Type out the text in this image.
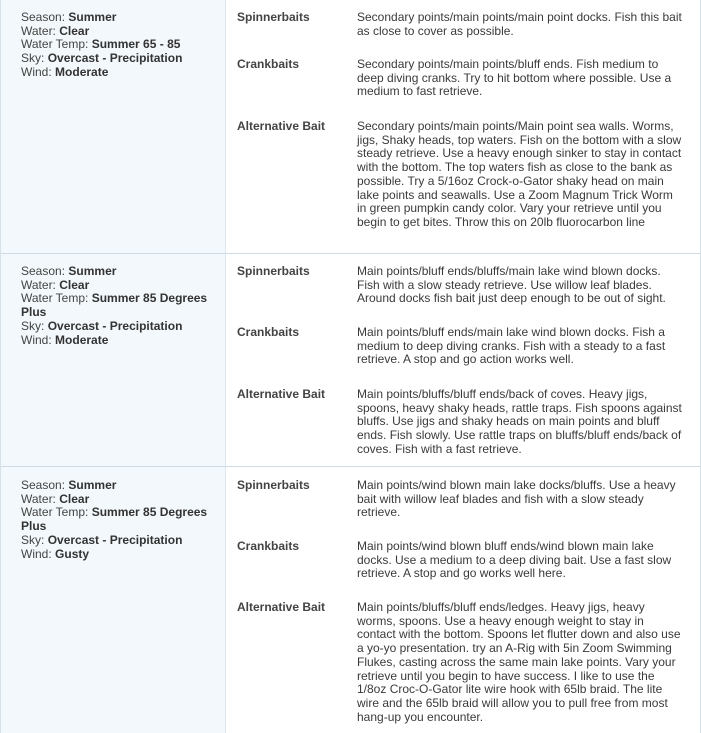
Season: Summer

Water: Clear

Water Temp: Summer 65 - 85

Sky: Overcast - Precipitation

Wind: Moderate

Spinnerbaits	Secondary points/main points/main point docks. Fish this bait as close to cover as possible.
Crankbaits	Secondary points/main points/bluff ends. Fish medium to deep diving cranks. Try to hit bottom where possible. Use a medium to fast retrieve.
Alternative Bait	Secondary points/main points/Main point sea walls. Worms, jigs, Shaky heads, top waters. Fish on the bottom with a slow steady retrieve. Use a heavy enough sinker to stay in contact with the bottom. The top waters fish as close to the bank as possible. Try a 5/16oz Crock-o-Gator shaky head on main lake points and seawalls. Use a Zoom Magnum Trick Worm in green pumpkin candy color. Vary your retrieve until you begin to get bites. Throw this on 20lb fluorocarbon line

Season: Summer

Water: Clear

Water Temp: Summer 85 Degrees Plus

Sky: Overcast - Precipitation

Wind: Moderate

Spinnerbaits	Main points/bluff ends/bluffs/main lake wind blown docks. Fish with a slow steady retrieve. Use willow leaf blades. Around docks fish bait just deep enough to be out of sight.
Crankbaits	Main points/bluff ends/main lake wind blown docks. Fish a medium to deep diving cranks. Fish with a steady to a fast retrieve. A stop and go action works well.
Alternative Bait	Main points/bluffs/bluff ends/back of coves. Heavy jigs, spoons, heavy shaky heads, rattle traps. Fish spoons against bluffs. Use jigs and shaky heads on main points and bluff ends. Fish slowly. Use rattle traps on bluffs/bluff ends/back of coves. Fish with a fast retrieve.

Season: Summer

Water: Clear

Water Temp: Summer 85 Degrees Plus

Sky: Overcast - Precipitation

Wind: Gusty

Spinnerbaits	Main points/wind blown main lake docks/bluffs. Use a heavy bait with willow leaf blades and fish with a slow steady retrieve.
Crankbaits	Main points/wind blown bluff ends/wind blown main lake docks. Use a medium to a deep diving bait. Use a fast slow retrieve. A stop and go works well here.
Alternative Bait	Main points/bluffs/bluff ends/ledges. Heavy jigs, heavy worms, spoons. Use a heavy enough weight to stay in contact with the bottom. Spoons let flutter down and also use a yo-yo presentation. try an A-Rig with 5in Zoom Swimming Flukes, casting across the same main lake points. Vary your retrieve until you begin to have success. I like to use the 1/8oz Croc-O-Gator lite wire hook with 65lb braid. The lite wire and the 65lb braid will allow you to pull free from most hang-up you encounter.
